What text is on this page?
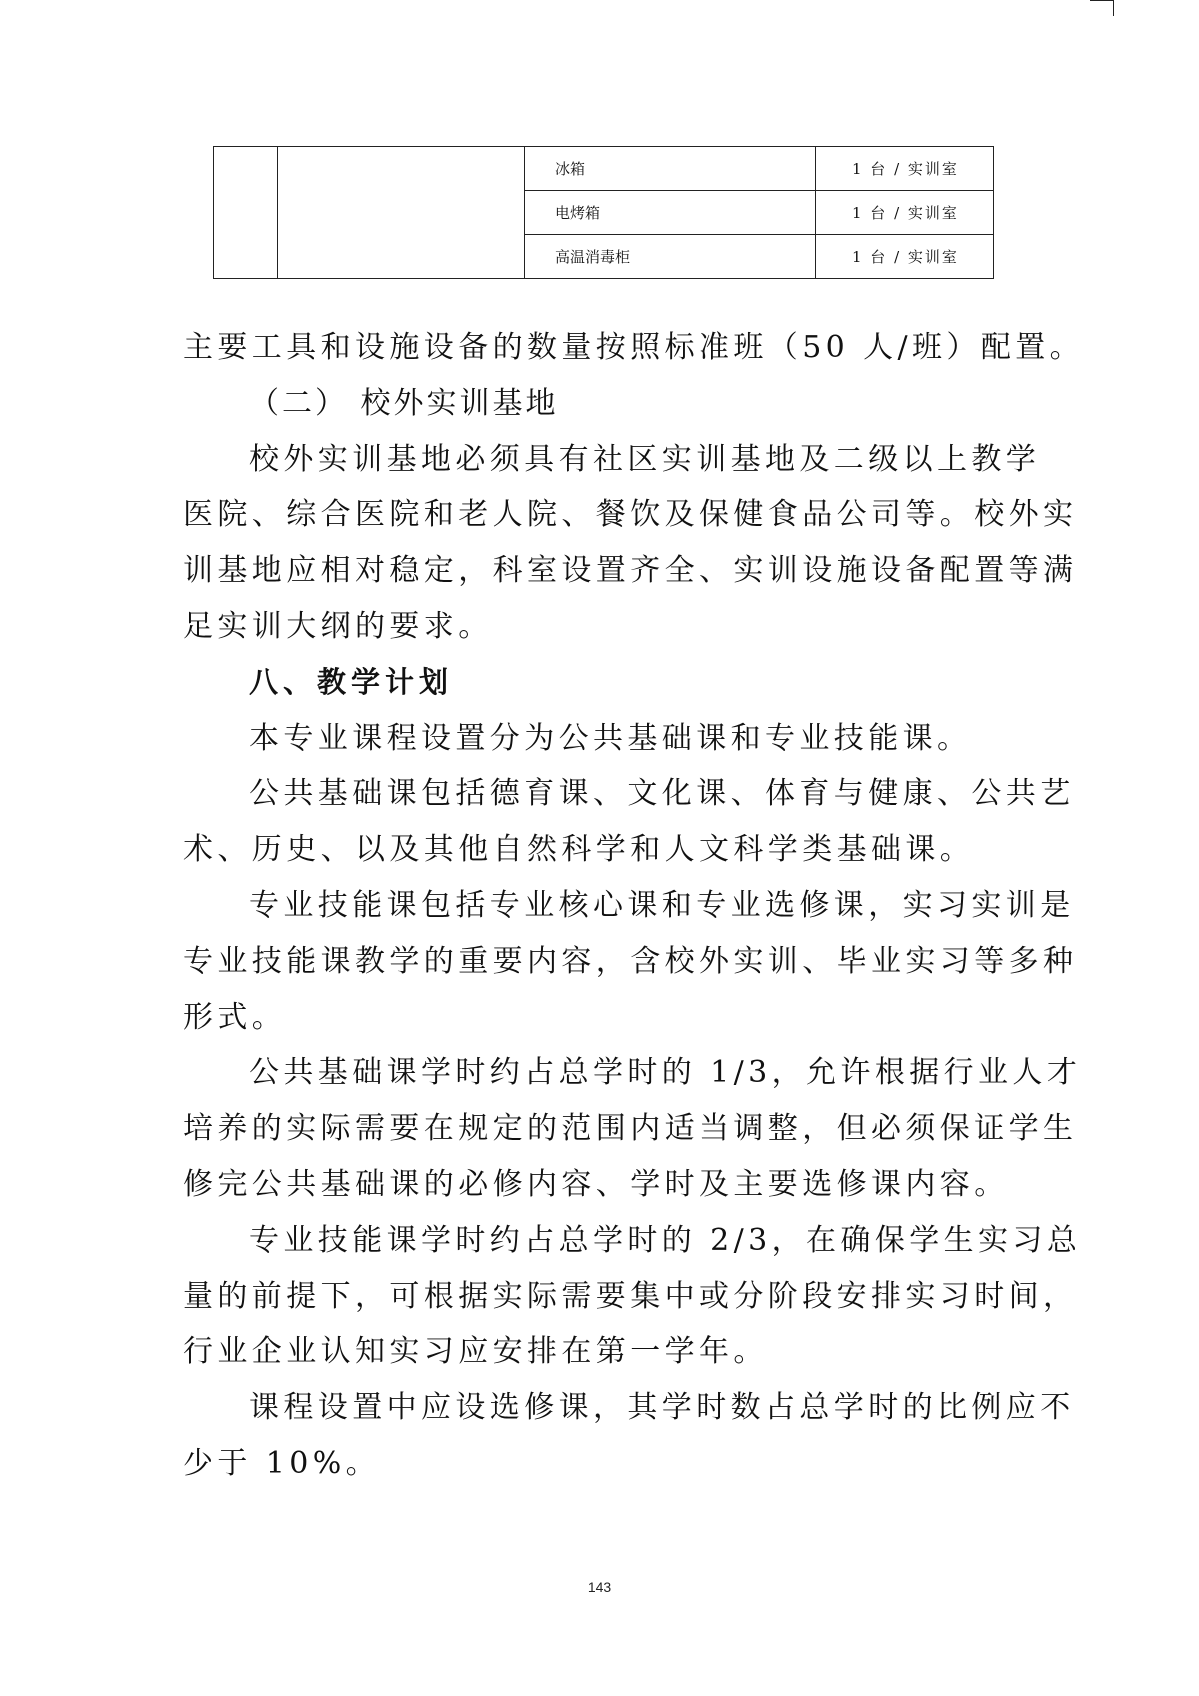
		冰箱	1 台 / 实训室
		电烤箱	1 台 / 实训室
		高温消毒柜	1 台 / 实训室
主要工具和设施设备的数量按照标准班（50 人/班）配置。
（二） 校外实训基地
校外实训基地必须具有社区实训基地及二级以上教学
医院、综合医院和老人院、餐饮及保健食品公司等。校外实
训基地应相对稳定，科室设置齐全、实训设施设备配置等满
足实训大纲的要求。
八、教学计划
本专业课程设置分为公共基础课和专业技能课。
公共基础课包括德育课、文化课、体育与健康、公共艺
术、历史、以及其他自然科学和人文科学类基础课。
专业技能课包括专业核心课和专业选修课，实习实训是
专业技能课教学的重要内容，含校外实训、毕业实习等多种
形式。
公共基础课学时约占总学时的 1/3，允许根据行业人才
培养的实际需要在规定的范围内适当调整，但必须保证学生
修完公共基础课的必修内容、学时及主要选修课内容。
专业技能课学时约占总学时的 2/3，在确保学生实习总
量的前提下，可根据实际需要集中或分阶段安排实习时间，
行业企业认知实习应安排在第一学年。
课程设置中应设选修课，其学时数占总学时的比例应不
少于 10%。
143
